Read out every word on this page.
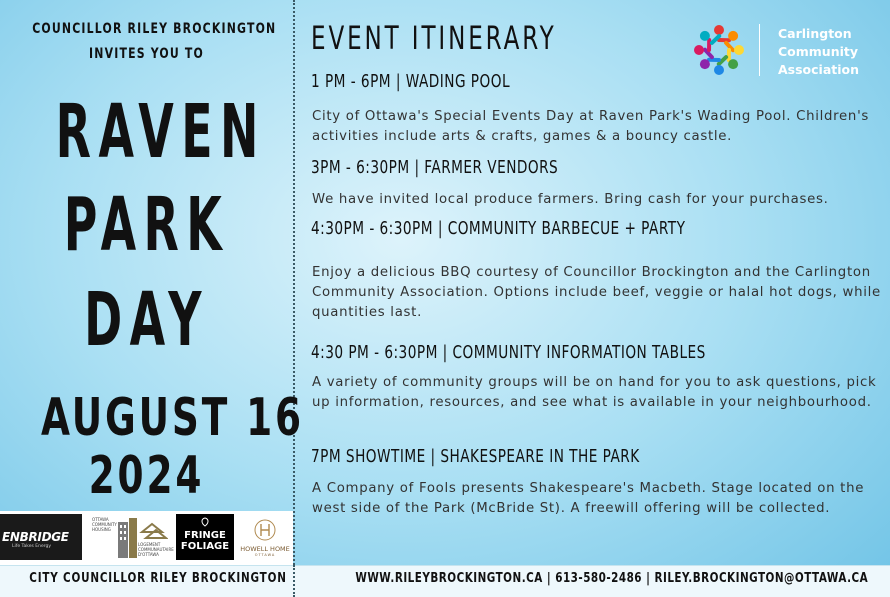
COUNCILLOR RILEY BROCKINGTON
INVITES YOU TO
RAVEN
PARK
DAY
AUGUST 16
2024
ENBRIDGE
Life Takes Energy
OTTAWA
COMMUNITY
HOUSING
LOGEMENT
COMMUNAUTAIRE
D'OTTAWA
FRINGE
FOLIAGE	HOWELL HOME
OTTAWA
EVENT ITINERARY	Carlington
Community
Association
1 PM - 6PM | WADING POOL
City of Ottawa's Special Events Day at Raven Park's Wading Pool. Children's activities include arts & crafts, games & a bouncy castle.
3PM - 6:30PM | FARMER VENDORS
We have invited local produce farmers. Bring cash for your purchases.
4:30PM - 6:30PM | COMMUNITY BARBECUE + PARTY
Enjoy a delicious BBQ courtesy of Councillor Brockington and the Carlington Community Association. Options include beef, veggie or halal hot dogs, while quantities last.
4:30 PM - 6:30PM | COMMUNITY INFORMATION TABLES
A variety of community groups will be on hand for you to ask questions, pick up information, resources, and see what is available in your neighbourhood.
7PM SHOWTIME | SHAKESPEARE IN THE PARK
A Company of Fools presents Shakespeare's Macbeth. Stage located on the west side of the Park (McBride St). A freewill offering will be collected.
CITY COUNCILLOR RILEY BROCKINGTON	WWW.RILEYBROCKINGTON.CA | 613-580-2486 | RILEY.BROCKINGTON@OTTAWA.CA
